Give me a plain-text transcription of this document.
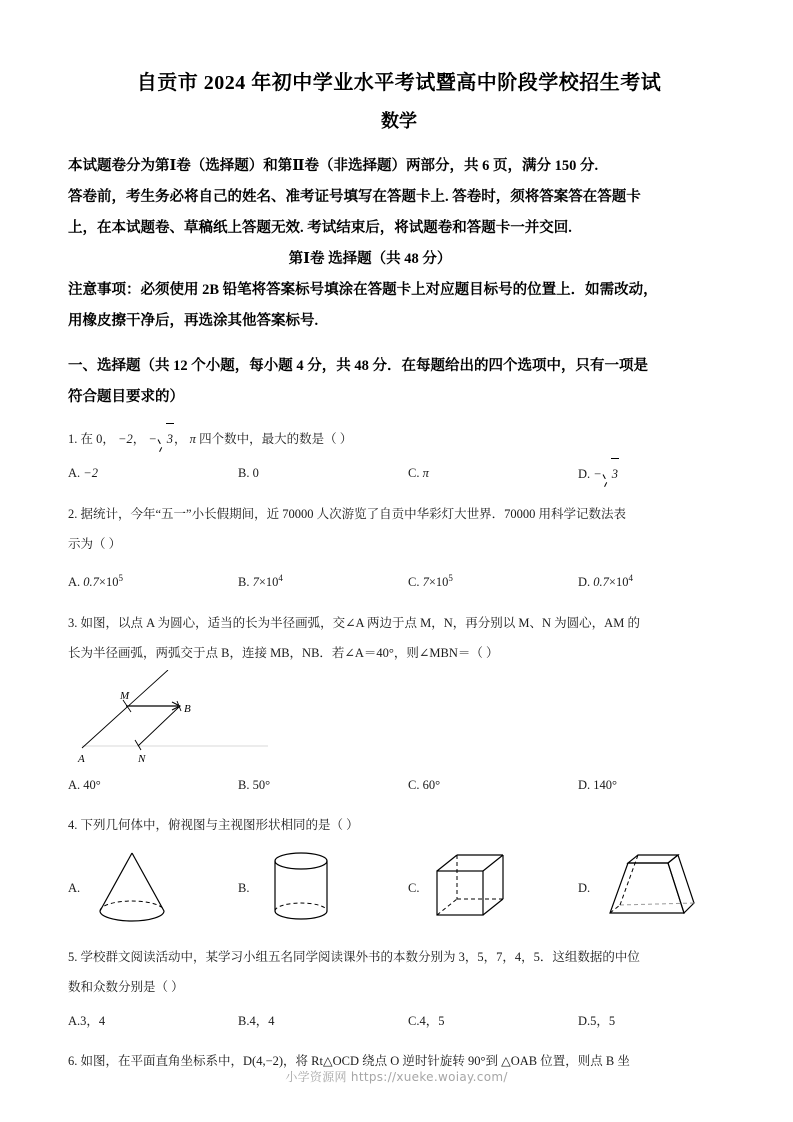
自贡市 2024 年初中学业水平考试暨高中阶段学校招生考试
数学

本试题卷分为第Ⅰ卷（选择题）和第Ⅱ卷（非选择题）两部分，共 6 页，满分 150 分.

答卷前，考生务必将自己的姓名、准考证号填写在答题卡上. 答卷时，须将答案答在答题卡

上，在本试题卷、草稿纸上答题无效. 考试结束后，将试题卷和答题卡一并交回.

第Ⅰ卷 选择题（共 48 分）
注意事项：必须使用 2B 铅笔将答案标号填涂在答题卡上对应题目标号的位置上．如需改动，
用橡皮擦干净后，再选涂其他答案标号.
一、选择题（共 12 个小题，每小题 4 分，共 48 分．在每题给出的四个选项中，只有一项是
符合题目要求的）

1. 在 0， −2， − 3， π 四个数中，最大的数是（ ）

A. −2	B. 0	C. π	D. − 3

2. 据统计，今年“五一”小长假期间，近 70000 人次游览了自贡中华彩灯大世界．70000 用科学记数法表

示为（ ）

A. $0.7\times 10^5$	B. $7\times 10^4$	C. $7\times 10^5$	D. $0.7\times 10^4$

3. 如图，以点 A 为圆心，适当的长为半径画弧，交∠A 两边于点 M，N，再分别以 M、N 为圆心，AM 的

长为半径画弧，两弧交于点 B，连接 MB，NB．若∠A＝40°，则∠MBN＝（ ）

A
M
N
B
A. 40°	B. 50°	C. 60°	D. 140°

4. 下列几何体中，俯视图与主视图形状相同的是（ ）

A.	B.	C.	D.

5. 学校群文阅读活动中，某学习小组五名同学阅读课外书的本数分别为 3，5，7，4，5．这组数据的中位

数和众数分别是（ ）

A.3，4	B.4，4	C.4，5	D.5，5

6. 如图，在平面直角坐标系中，D(4,−2)，将 Rt△OCD 绕点 O 逆时针旋转 90°到 △OAB 位置，则点 B 坐

小学资源网 https://xueke.woiay.com/
